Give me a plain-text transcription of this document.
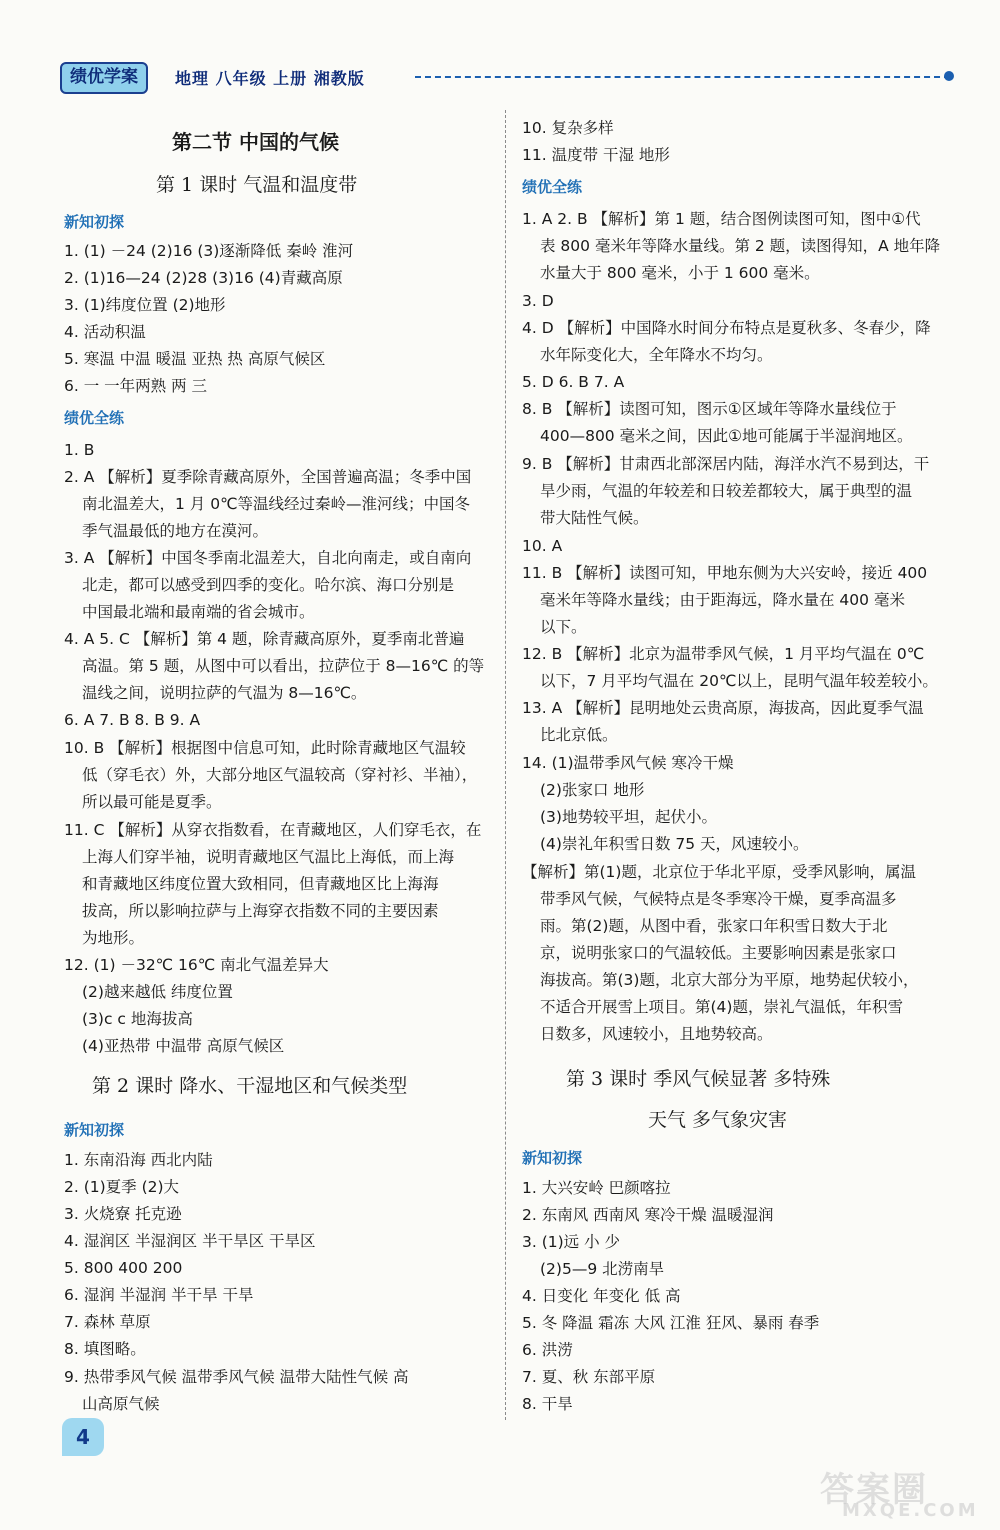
绩优学案	地理 八年级 上册 湘教版
第二节 中国的气候
第 1 课时 气温和温度带
新知初探
1. (1) －24 (2)16 (3)逐渐降低 秦岭 淮河
2. (1)16—24 (2)28 (3)16 (4)青藏高原
3. (1)纬度位置 (2)地形
4. 活动积温
5. 寒温 中温 暖温 亚热 热 高原气候区
6. 一 一年两熟 两 三
绩优全练
1. B
2. A 【解析】夏季除青藏高原外，全国普遍高温；冬季中国
南北温差大，1 月 0℃等温线经过秦岭—淮河线；中国冬
季气温最低的地方在漠河。
3. A 【解析】中国冬季南北温差大，自北向南走，或自南向
北走，都可以感受到四季的变化。哈尔滨、海口分别是
中国最北端和最南端的省会城市。
4. A 5. C 【解析】第 4 题，除青藏高原外，夏季南北普遍
高温。第 5 题，从图中可以看出，拉萨位于 8—16℃ 的等
温线之间，说明拉萨的气温为 8—16℃。
6. A 7. B 8. B 9. A
10. B 【解析】根据图中信息可知，此时除青藏地区气温较
低（穿毛衣）外，大部分地区气温较高（穿衬衫、半袖），
所以最可能是夏季。
11. C 【解析】从穿衣指数看，在青藏地区，人们穿毛衣，在
上海人们穿半袖，说明青藏地区气温比上海低，而上海
和青藏地区纬度位置大致相同，但青藏地区比上海海
拔高，所以影响拉萨与上海穿衣指数不同的主要因素
为地形。
12. (1) －32℃ 16℃ 南北气温差异大
(2)越来越低 纬度位置
(3)c c 地海拔高
(4)亚热带 中温带 高原气候区
第 2 课时 降水、干湿地区和气候类型
新知初探
1. 东南沿海 西北内陆
2. (1)夏季 (2)大
3. 火烧寮 托克逊
4. 湿润区 半湿润区 半干旱区 干旱区
5. 800 400 200
6. 湿润 半湿润 半干旱 干旱
7. 森林 草原
8. 填图略。
9. 热带季风气候 温带季风气候 温带大陆性气候 高
山高原气候
10. 复杂多样
11. 温度带 干湿 地形
绩优全练
1. A 2. B 【解析】第 1 题，结合图例读图可知，图中①代
表 800 毫米年等降水量线。第 2 题，读图得知，A 地年降
水量大于 800 毫米，小于 1 600 毫米。
3. D
4. D 【解析】中国降水时间分布特点是夏秋多、冬春少，降
水年际变化大，全年降水不均匀。
5. D 6. B 7. A
8. B 【解析】读图可知，图示①区域年等降水量线位于
400—800 毫米之间，因此①地可能属于半湿润地区。
9. B 【解析】甘肃西北部深居内陆，海洋水汽不易到达，干
旱少雨，气温的年较差和日较差都较大，属于典型的温
带大陆性气候。
10. A
11. B 【解析】读图可知，甲地东侧为大兴安岭，接近 400
毫米年等降水量线；由于距海远，降水量在 400 毫米
以下。
12. B 【解析】北京为温带季风气候，1 月平均气温在 0℃
以下，7 月平均气温在 20℃以上，昆明气温年较差较小。
13. A 【解析】昆明地处云贵高原，海拔高，因此夏季气温
比北京低。
14. (1)温带季风气候 寒冷干燥
(2)张家口 地形
(3)地势较平坦，起伏小。
(4)崇礼年积雪日数 75 天，风速较小。
【解析】第(1)题，北京位于华北平原，受季风影响，属温
带季风气候，气候特点是冬季寒冷干燥，夏季高温多
雨。第(2)题，从图中看，张家口年积雪日数大于北
京，说明张家口的气温较低。主要影响因素是张家口
海拔高。第(3)题，北京大部分为平原，地势起伏较小，
不适合开展雪上项目。第(4)题，崇礼气温低，年积雪
日数多，风速较小，且地势较高。
第 3 课时 季风气候显著 多特殊
天气 多气象灾害
新知初探
1. 大兴安岭 巴颜喀拉
2. 东南风 西南风 寒冷干燥 温暖湿润
3. (1)远 小 少
(2)5—9 北涝南旱
4. 日变化 年变化 低 高
5. 冬 降温 霜冻 大风 江淮 狂风、暴雨 春季
6. 洪涝
7. 夏、秋 东部平原
8. 干旱
4
答案圈
MXQE.COM
